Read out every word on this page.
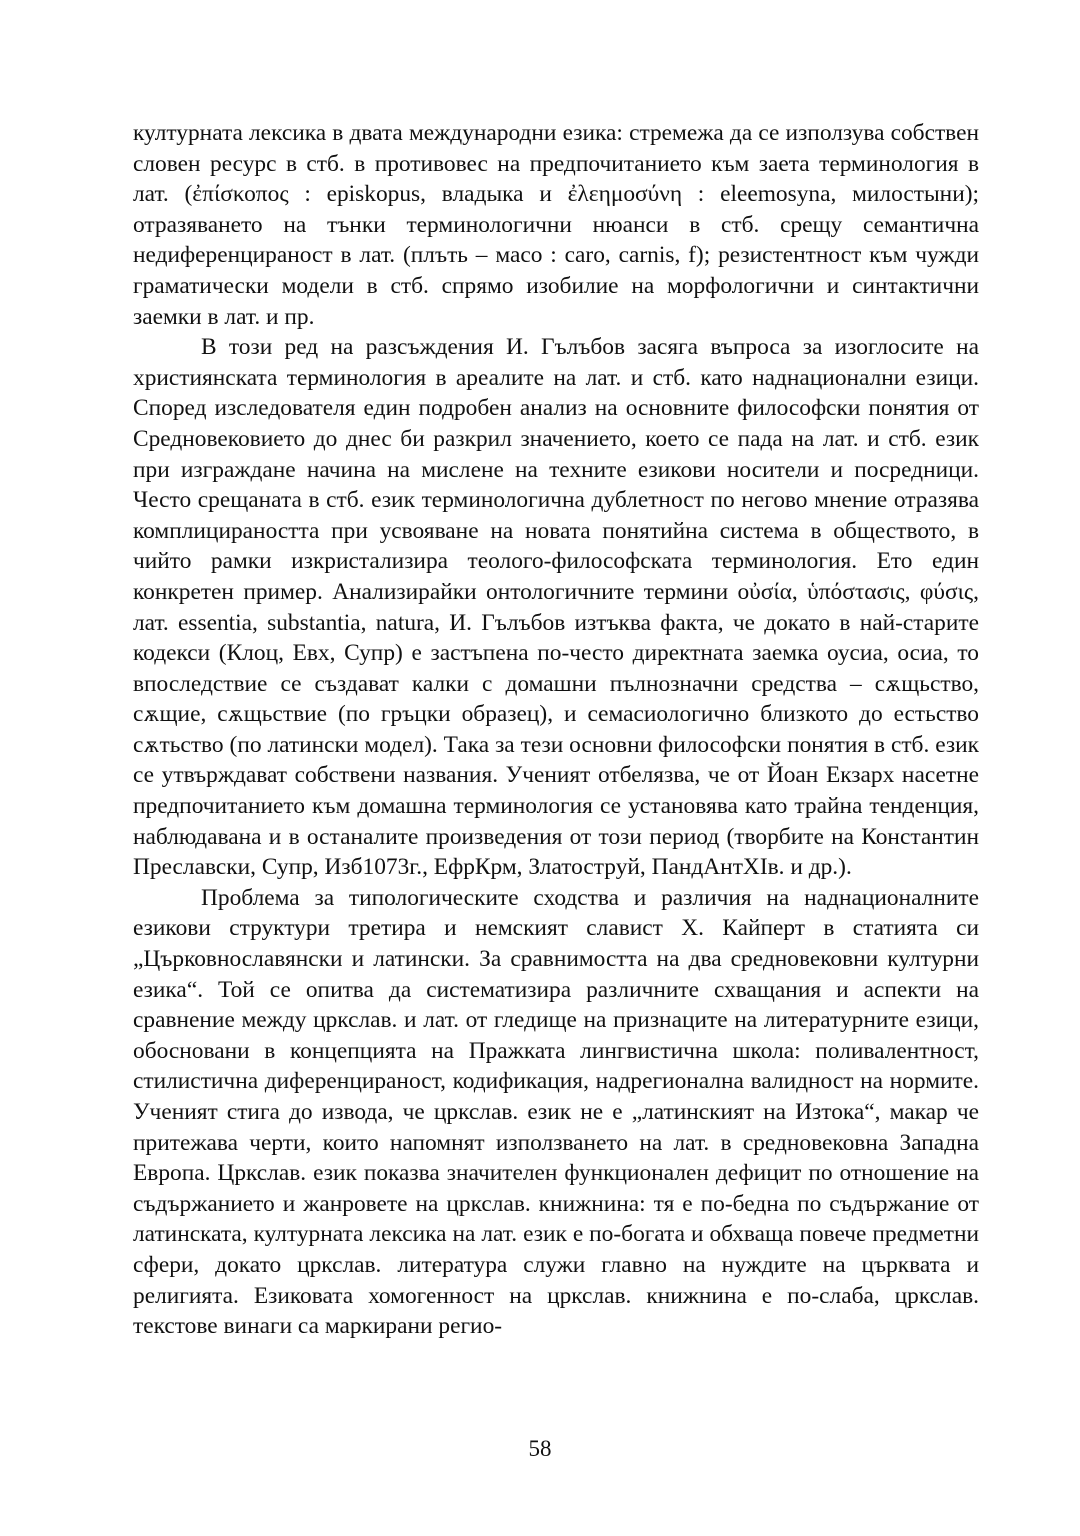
културната лексика в двата международни езика: стремежа да се използува собствен словен ресурс в стб. в противовес на предпочитанието към заета терминология в лат. (ἐπίσκοπος : episkopus, владыка и ἐλεημοσύνη : eleemosyna, милостыни); отразяването на тънки терминологични нюанси в стб. срещу семантична недиференцираност в лат. (плъть – масо : caro, carnis, f); резистентност към чужди граматически модели в стб. спрямо изобилие на морфологични и синтактични заемки в лат. и пр.

В този ред на разсъждения И. Гълъбов засяга въпроса за изоглосите на християнската терминология в ареалите на лат. и стб. като наднационални езици. Според изследователя един подробен анализ на основните философски понятия от Средновековието до днес би разкрил значението, което се пада на лат. и стб. език при изграждане начина на мислене на техните езикови носители и посредници. Често срещаната в стб. език терминологична дублетност по негово мнение отразява комплицираността при усвояване на новата понятийна система в обществото, в чийто рамки изкристализира теолого-философската терминология. Ето един конкретен пример. Анализирайки онтологичните термини οὐσία, ὑπόστασις, φύσις, лат. essentia, substantia, natura, И. Гълъбов изтъква факта, че докато в най-старите кодекси (Клоц, Евх, Супр) е застъпена по-често директната заемка оусиа, осиа, то впоследствие се създават калки с домашни пълнозначни средства – сѫщьство, сѫщие, сѫщьствие (по гръцки образец), и семасиологично близкото до естьство сѫтьство (по латински модел). Така за тези основни философски понятия в стб. език се утвърждават собствени названия. Ученият отбелязва, че от Йоан Екзарх насетне предпочитанието към домашна терминология се установява като трайна тенденция, наблюдавана и в останалите произведения от този период (творбите на Константин Преславски, Супр, Изб1073г., ЕфрКрм, Златоструй, ПандАнтXIв. и др.).

Проблема за типологическите сходства и различия на наднационалните езикови структури третира и немският славист Х. Кайперт в статията си „Църковнославянски и латински. За сравнимостта на два средновековни културни езика“. Той се опитва да систематизира различните схващания и аспекти на сравнение между цркслав. и лат. от гледище на признаците на литературните езици, обосновани в концепцията на Пражката лингвистична школа: поливалентност, стилистична диференцираност, кодификация, надрегионална валидност на нормите. Ученият стига до извода, че цркслав. език не е „латинският на Изтока“, макар че притежава черти, които напомнят използването на лат. в средновековна Западна Европа. Цркслав. език показва значителен функционален дефицит по отношение на съдържанието и жанровете на цркслав. книжнина: тя е по-бедна по съдържание от латинската, културната лексика на лат. език е по-богата и обхваща повече предметни сфери, докато цркслав. литература служи главно на нуждите на църквата и религията. Езиковата хомогенност на цркслав. книжнина е по-слаба, цркслав. текстове винаги са маркирани регио-

58
